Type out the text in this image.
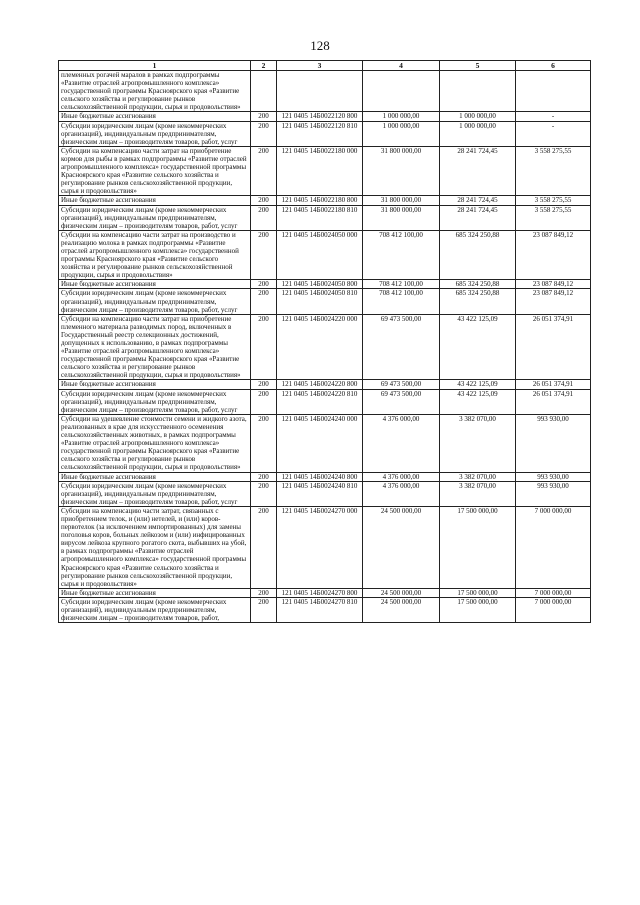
128
1	2	3	4	5	6
племенных рогачей маралов в рамках подпрограммы «Развитие отраслей агропромышленного комплекса» государственной программы Красноярского края «Развитие сельского хозяйства и регулирование рынков сельскохозяйственной продукции, сырья и продовольствия»					
Иные бюджетные ассигнования	200	121 0405 14Б0022120 800	1 000 000,00	1 000 000,00	-
Субсидии юридическим лицам (кроме некоммерческих организаций), индивидуальным предпринимателям, физическим лицам – производителям товаров, работ, услуг	200	121 0405 14Б0022120 810	1 000 000,00	1 000 000,00	-
Субсидии на компенсацию части затрат на приобретение кормов для рыбы в рамках подпрограммы «Развитие отраслей агропромышленного комплекса» государственной программы Красноярского края «Развитие сельского хозяйства и регулирование рынков сельскохозяйственной продукции, сырья и продовольствия»	200	121 0405 14Б0022180 000	31 800 000,00	28 241 724,45	3 558 275,55
Иные бюджетные ассигнования	200	121 0405 14Б0022180 800	31 800 000,00	28 241 724,45	3 558 275,55
Субсидии юридическим лицам (кроме некоммерческих организаций), индивидуальным предпринимателям, физическим лицам – производителям товаров, работ, услуг	200	121 0405 14Б0022180 810	31 800 000,00	28 241 724,45	3 558 275,55
Субсидии на компенсацию части затрат на производство и реализацию молока в рамках подпрограммы «Развитие отраслей агропромышленного комплекса» государственной программы Красноярского края «Развитие сельского хозяйства и регулирование рынков сельскохозяйственной продукции, сырья и продовольствия»	200	121 0405 14Б0024050 000	708 412 100,00	685 324 250,88	23 087 849,12
Иные бюджетные ассигнования	200	121 0405 14Б0024050 800	708 412 100,00	685 324 250,88	23 087 849,12
Субсидии юридическим лицам (кроме некоммерческих организаций), индивидуальным предпринимателям, физическим лицам – производителям товаров, работ, услуг	200	121 0405 14Б0024050 810	708 412 100,00	685 324 250,88	23 087 849,12
Субсидии на компенсацию части затрат на приобретение племенного материала разводимых пород, включенных в Государственный реестр селекционных достижений, допущенных к использованию, в рамках подпрограммы «Развитие отраслей агропромышленного комплекса» государственной программы Красноярского края «Развитие сельского хозяйства и регулирование рынков сельскохозяйственной продукции, сырья и продовольствия»	200	121 0405 14Б0024220 000	69 473 500,00	43 422 125,09	26 051 374,91
Иные бюджетные ассигнования	200	121 0405 14Б0024220 800	69 473 500,00	43 422 125,09	26 051 374,91
Субсидии юридическим лицам (кроме некоммерческих организаций), индивидуальным предпринимателям, физическим лицам – производителям товаров, работ, услуг	200	121 0405 14Б0024220 810	69 473 500,00	43 422 125,09	26 051 374,91
Субсидии на удешевление стоимости семени и жидкого азота, реализованных в крае для искусственного осеменения сельскохозяйственных животных, в рамках подпрограммы «Развитие отраслей агропромышленного комплекса» государственной программы Красноярского края «Развитие сельского хозяйства и регулирование рынков сельскохозяйственной продукции, сырья и продовольствия»	200	121 0405 14Б0024240 000	4 376 000,00	3 382 070,00	993 930,00
Иные бюджетные ассигнования	200	121 0405 14Б0024240 800	4 376 000,00	3 382 070,00	993 930,00
Субсидии юридическим лицам (кроме некоммерческих организаций), индивидуальным предпринимателям, физическим лицам – производителям товаров, работ, услуг	200	121 0405 14Б0024240 810	4 376 000,00	3 382 070,00	993 930,00
Субсидии на компенсацию части затрат, связанных с приобретением телок, и (или) нетелей, и (или) коров-первотелок (за исключением импортированных) для замены поголовья коров, больных лейкозом и (или) инфицированных вирусом лейкоза крупного рогатого скота, выбывших на убой, в рамках подпрограммы «Развитие отраслей агропромышленного комплекса» государственной программы Красноярского края «Развитие сельского хозяйства и регулирование рынков сельскохозяйственной продукции, сырья и продовольствия»	200	121 0405 14Б0024270 000	24 500 000,00	17 500 000,00	7 000 000,00
Иные бюджетные ассигнования	200	121 0405 14Б0024270 800	24 500 000,00	17 500 000,00	7 000 000,00
Субсидии юридическим лицам (кроме некоммерческих организаций), индивидуальным предпринимателям, физическим лицам – производителям товаров, работ,	200	121 0405 14Б0024270 810	24 500 000,00	17 500 000,00	7 000 000,00
